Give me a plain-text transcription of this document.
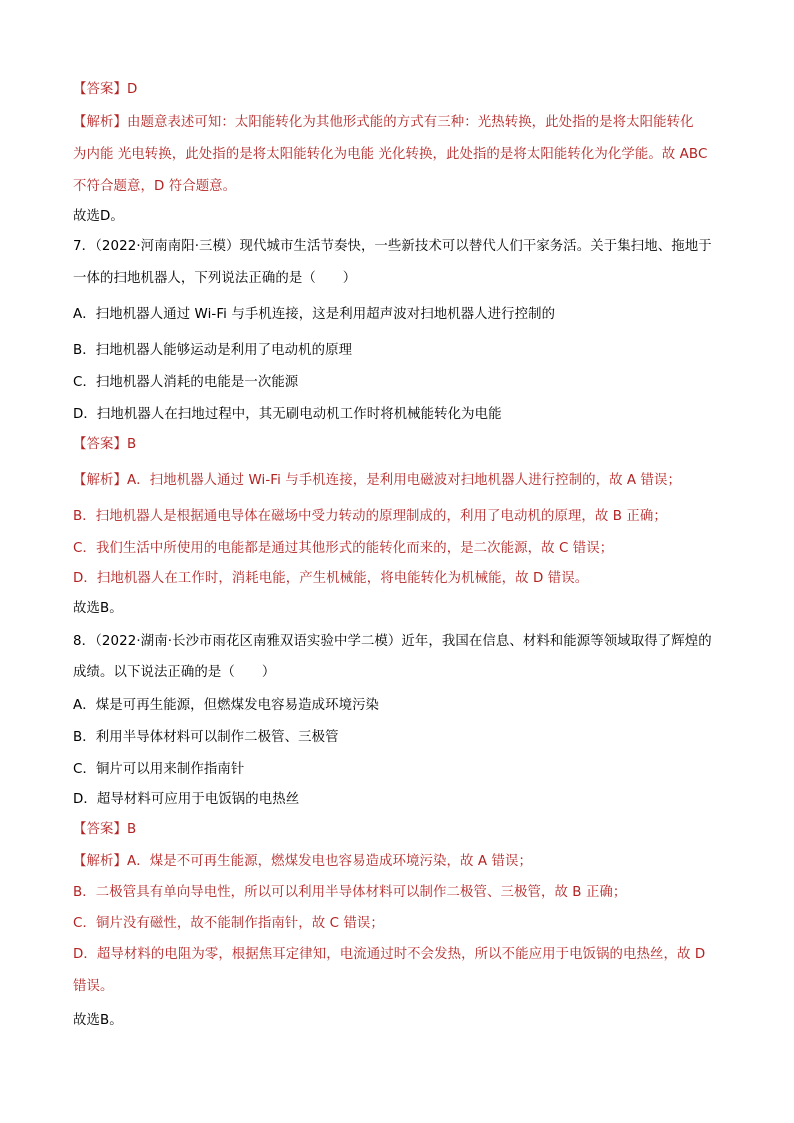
【答案】D
【解析】由题意表述可知：太阳能转化为其他形式能的方式有三种：光热转换，此处指的是将太阳能转化
为内能 光电转换，此处指的是将太阳能转化为电能 光化转换，此处指的是将太阳能转化为化学能。故 ABC
不符合题意，D 符合题意。
故选D。
7．（2022·河南南阳·三模）现代城市生活节奏快，一些新技术可以替代人们干家务活。关于集扫地、拖地于
一体的扫地机器人，下列说法正确的是（　　）
A．扫地机器人通过 Wi-Fi 与手机连接，这是利用超声波对扫地机器人进行控制的
B．扫地机器人能够运动是利用了电动机的原理
C．扫地机器人消耗的电能是一次能源
D．扫地机器人在扫地过程中，其无刷电动机工作时将机械能转化为电能
【答案】B
【解析】A．扫地机器人通过 Wi-Fi 与手机连接，是利用电磁波对扫地机器人进行控制的，故 A 错误；
B．扫地机器人是根据通电导体在磁场中受力转动的原理制成的，利用了电动机的原理，故 B 正确；
C．我们生活中所使用的电能都是通过其他形式的能转化而来的，是二次能源，故 C 错误；
D．扫地机器人在工作时，消耗电能，产生机械能，将电能转化为机械能，故 D 错误。
故选B。
8．（2022·湖南·长沙市雨花区南雅双语实验中学二模）近年，我国在信息、材料和能源等领域取得了辉煌的
成绩。以下说法正确的是（　　）
A．煤是可再生能源，但燃煤发电容易造成环境污染
B．利用半导体材料可以制作二极管、三极管
C．铜片可以用来制作指南针
D．超导材料可应用于电饭锅的电热丝
【答案】B
【解析】A．煤是不可再生能源，燃煤发电也容易造成环境污染，故 A 错误；
B．二极管具有单向导电性，所以可以利用半导体材料可以制作二极管、三极管，故 B 正确；
C．铜片没有磁性，故不能制作指南针，故 C 错误；
D．超导材料的电阻为零，根据焦耳定律知，电流通过时不会发热，所以不能应用于电饭锅的电热丝，故 D
错误。
故选B。
